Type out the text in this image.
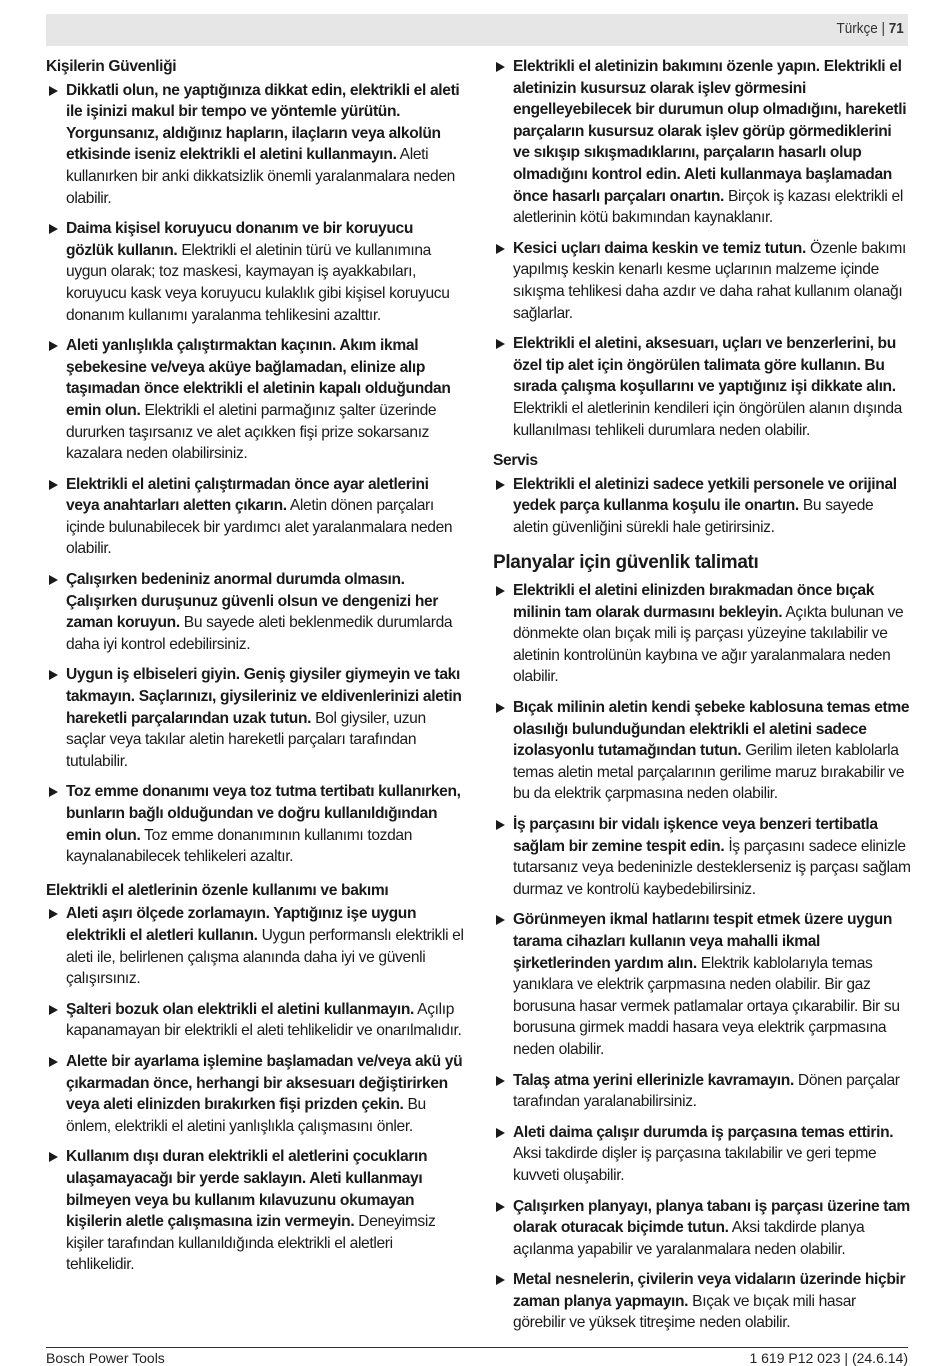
Türkçe | 71
Kişilerin Güvenliği
Dikkatli olun, ne yaptığınıza dikkat edin, elektrikli el aleti ile işinizi makul bir tempo ve yöntemle yürütün. Yorgunsanız, aldığınız hapların, ilaçların veya alkolün etkisinde iseniz elektrikli el aletini kullanmayın. Aleti kullanırken bir anki dikkatsizlik önemli yaralanmalara neden olabilir.
Daima kişisel koruyucu donanım ve bir koruyucu gözlük kullanın. Elektrikli el aletinin türü ve kullanımına uygun olarak; toz maskesi, kaymayan iş ayakkabıları, koruyucu kask veya koruyucu kulaklık gibi kişisel koruyucu donanım kullanımı yaralanma tehlikesini azalttır.
Aleti yanlışlıkla çalıştırmaktan kaçının. Akım ikmal şebekesine ve/veya aküye bağlamadan, elinize alıp taşımadan önce elektrikli el aletinin kapalı olduğundan emin olun. Elektrikli el aletini parmağınız şalter üzerinde dururken taşırsanız ve alet açıkken fişi prize sokarsanız kazalara neden olabilirsiniz.
Elektrikli el aletini çalıştırmadan önce ayar aletlerini veya anahtarları aletten çıkarın. Aletin dönen parçaları içinde bulunabilecek bir yardımcı alet yaralanmalara neden olabilir.
Çalışırken bedeniniz anormal durumda olmasın. Çalışırken duruşunuz güvenli olsun ve dengenizi her zaman koruyun. Bu sayede aleti beklenmedik durumlarda daha iyi kontrol edebilirsiniz.
Uygun iş elbiseleri giyin. Geniş giysiler giymeyin ve takı takmayın. Saçlarınızı, giysileriniz ve eldivenlerinizi aletin hareketli parçalarından uzak tutun. Bol giysiler, uzun saçlar veya takılar aletin hareketli parçaları tarafından tutulabilir.
Toz emme donanımı veya toz tutma tertibatı kullanırken, bunların bağlı olduğundan ve doğru kullanıldığından emin olun. Toz emme donanımının kullanımı tozdan kaynalanabilecek tehlikeleri azaltır.
Elektrikli el aletlerinin özenle kullanımı ve bakımı
Aleti aşırı ölçede zorlamayın. Yaptığınız işe uygun elektrikli el aletleri kullanın. Uygun performanslı elektrikli el aleti ile, belirlenen çalışma alanında daha iyi ve güvenli çalışırsınız.
Şalteri bozuk olan elektrikli el aletini kullanmayın. Açılıp kapanamayan bir elektrikli el aleti tehlikelidir ve onarılmalıdır.
Alette bir ayarlama işlemine başlamadan ve/veya akü yü çıkarmadan önce, herhangi bir aksesuarı değiştirirken veya aleti elinizden bırakırken fişi prizden çekin. Bu önlem, elektrikli el aletini yanlışlıkla çalışmasını önler.
Kullanım dışı duran elektrikli el aletlerini çocukların ulaşamayacağı bir yerde saklayın. Aleti kullanmayı bilmeyen veya bu kullanım kılavuzunu okumayan kişilerin aletle çalışmasına izin vermeyin. Deneyimsiz kişiler tarafından kullanıldığında elektrikli el aletleri tehlikelidir.
Elektrikli el aletinizin bakımını özenle yapın. Elektrikli el aletinizin kusursuz olarak işlev görmesini engelleyebilecek bir durumun olup olmadığını, hareketli parçaların kusursuz olarak işlev görüp görmediklerini ve sıkışıp sıkışmadıklarını, parçaların hasarlı olup olmadığını kontrol edin. Aleti kullanmaya başlamadan önce hasarlı parçaları onartın. Birçok iş kazası elektrikli el aletlerinin kötü bakımından kaynaklanır.
Kesici uçları daima keskin ve temiz tutun. Özenle bakımı yapılmış keskin kenarlı kesme uçlarının malzeme içinde sıkışma tehlikesi daha azdır ve daha rahat kullanım olanağı sağlarlar.
Elektrikli el aletini, aksesuarı, uçları ve benzerlerini, bu özel tip alet için öngörülen talimata göre kullanın. Bu sırada çalışma koşullarını ve yaptığınız işi dikkate alın. Elektrikli el aletlerinin kendileri için öngörülen alanın dışında kullanılması tehlikeli durumlara neden olabilir.
Servis
Elektrikli el aletinizi sadece yetkili personele ve orijinal yedek parça kullanma koşulu ile onartın. Bu sayede aletin güvenliğini sürekli hale getirirsiniz.
Planyalar için güvenlik talimatı
Elektrikli el aletini elinizden bırakmadan önce bıçak milinin tam olarak durmasını bekleyin. Açıkta bulunan ve dönmekte olan bıçak mili iş parçası yüzeyine takılabilir ve aletinin kontrolünün kaybına ve ağır yaralanmalara neden olabilir.
Bıçak milinin aletin kendi şebeke kablosuna temas etme olasılığı bulunduğundan elektrikli el aletini sadece izolasyonlu tutamağından tutun. Gerilim ileten kablolarla temas aletin metal parçalarının gerilime maruz bırakabilir ve bu da elektrik çarpmasına neden olabilir.
İş parçasını bir vidalı işkence veya benzeri tertibatla sağlam bir zemine tespit edin. İş parçasını sadece elinizle tutarsanız veya bedeninizle desteklerseniz iş parçası sağlam durmaz ve kontrolü kaybedebilirsiniz.
Görünmeyen ikmal hatlarını tespit etmek üzere uygun tarama cihazları kullanın veya mahalli ikmal şirketlerinden yardım alın. Elektrik kablolarıyla temas yanıklara ve elektrik çarpmasına neden olabilir. Bir gaz borusuna hasar vermek patlamalar ortaya çıkarabilir. Bir su borusuna girmek maddi hasara veya elektrik çarpmasına neden olabilir.
Talaş atma yerini ellerinizle kavramayın. Dönen parçalar tarafından yaralanabilirsiniz.
Aleti daima çalışır durumda iş parçasına temas ettirin. Aksi takdirde dişler iş parçasına takılabilir ve geri tepme kuvveti oluşabilir.
Çalışırken planyayı, planya tabanı iş parçası üzerine tam olarak oturacak biçimde tutun. Aksi takdirde planya açılanma yapabilir ve yaralanmalara neden olabilir.
Metal nesnelerin, çivilerin veya vidaların üzerinde hiçbir zaman planya yapmayın. Bıçak ve bıçak mili hasar görebilir ve yüksek titreşime neden olabilir.
Bosch Power Tools	1 619 P12 023 | (24.6.14)
